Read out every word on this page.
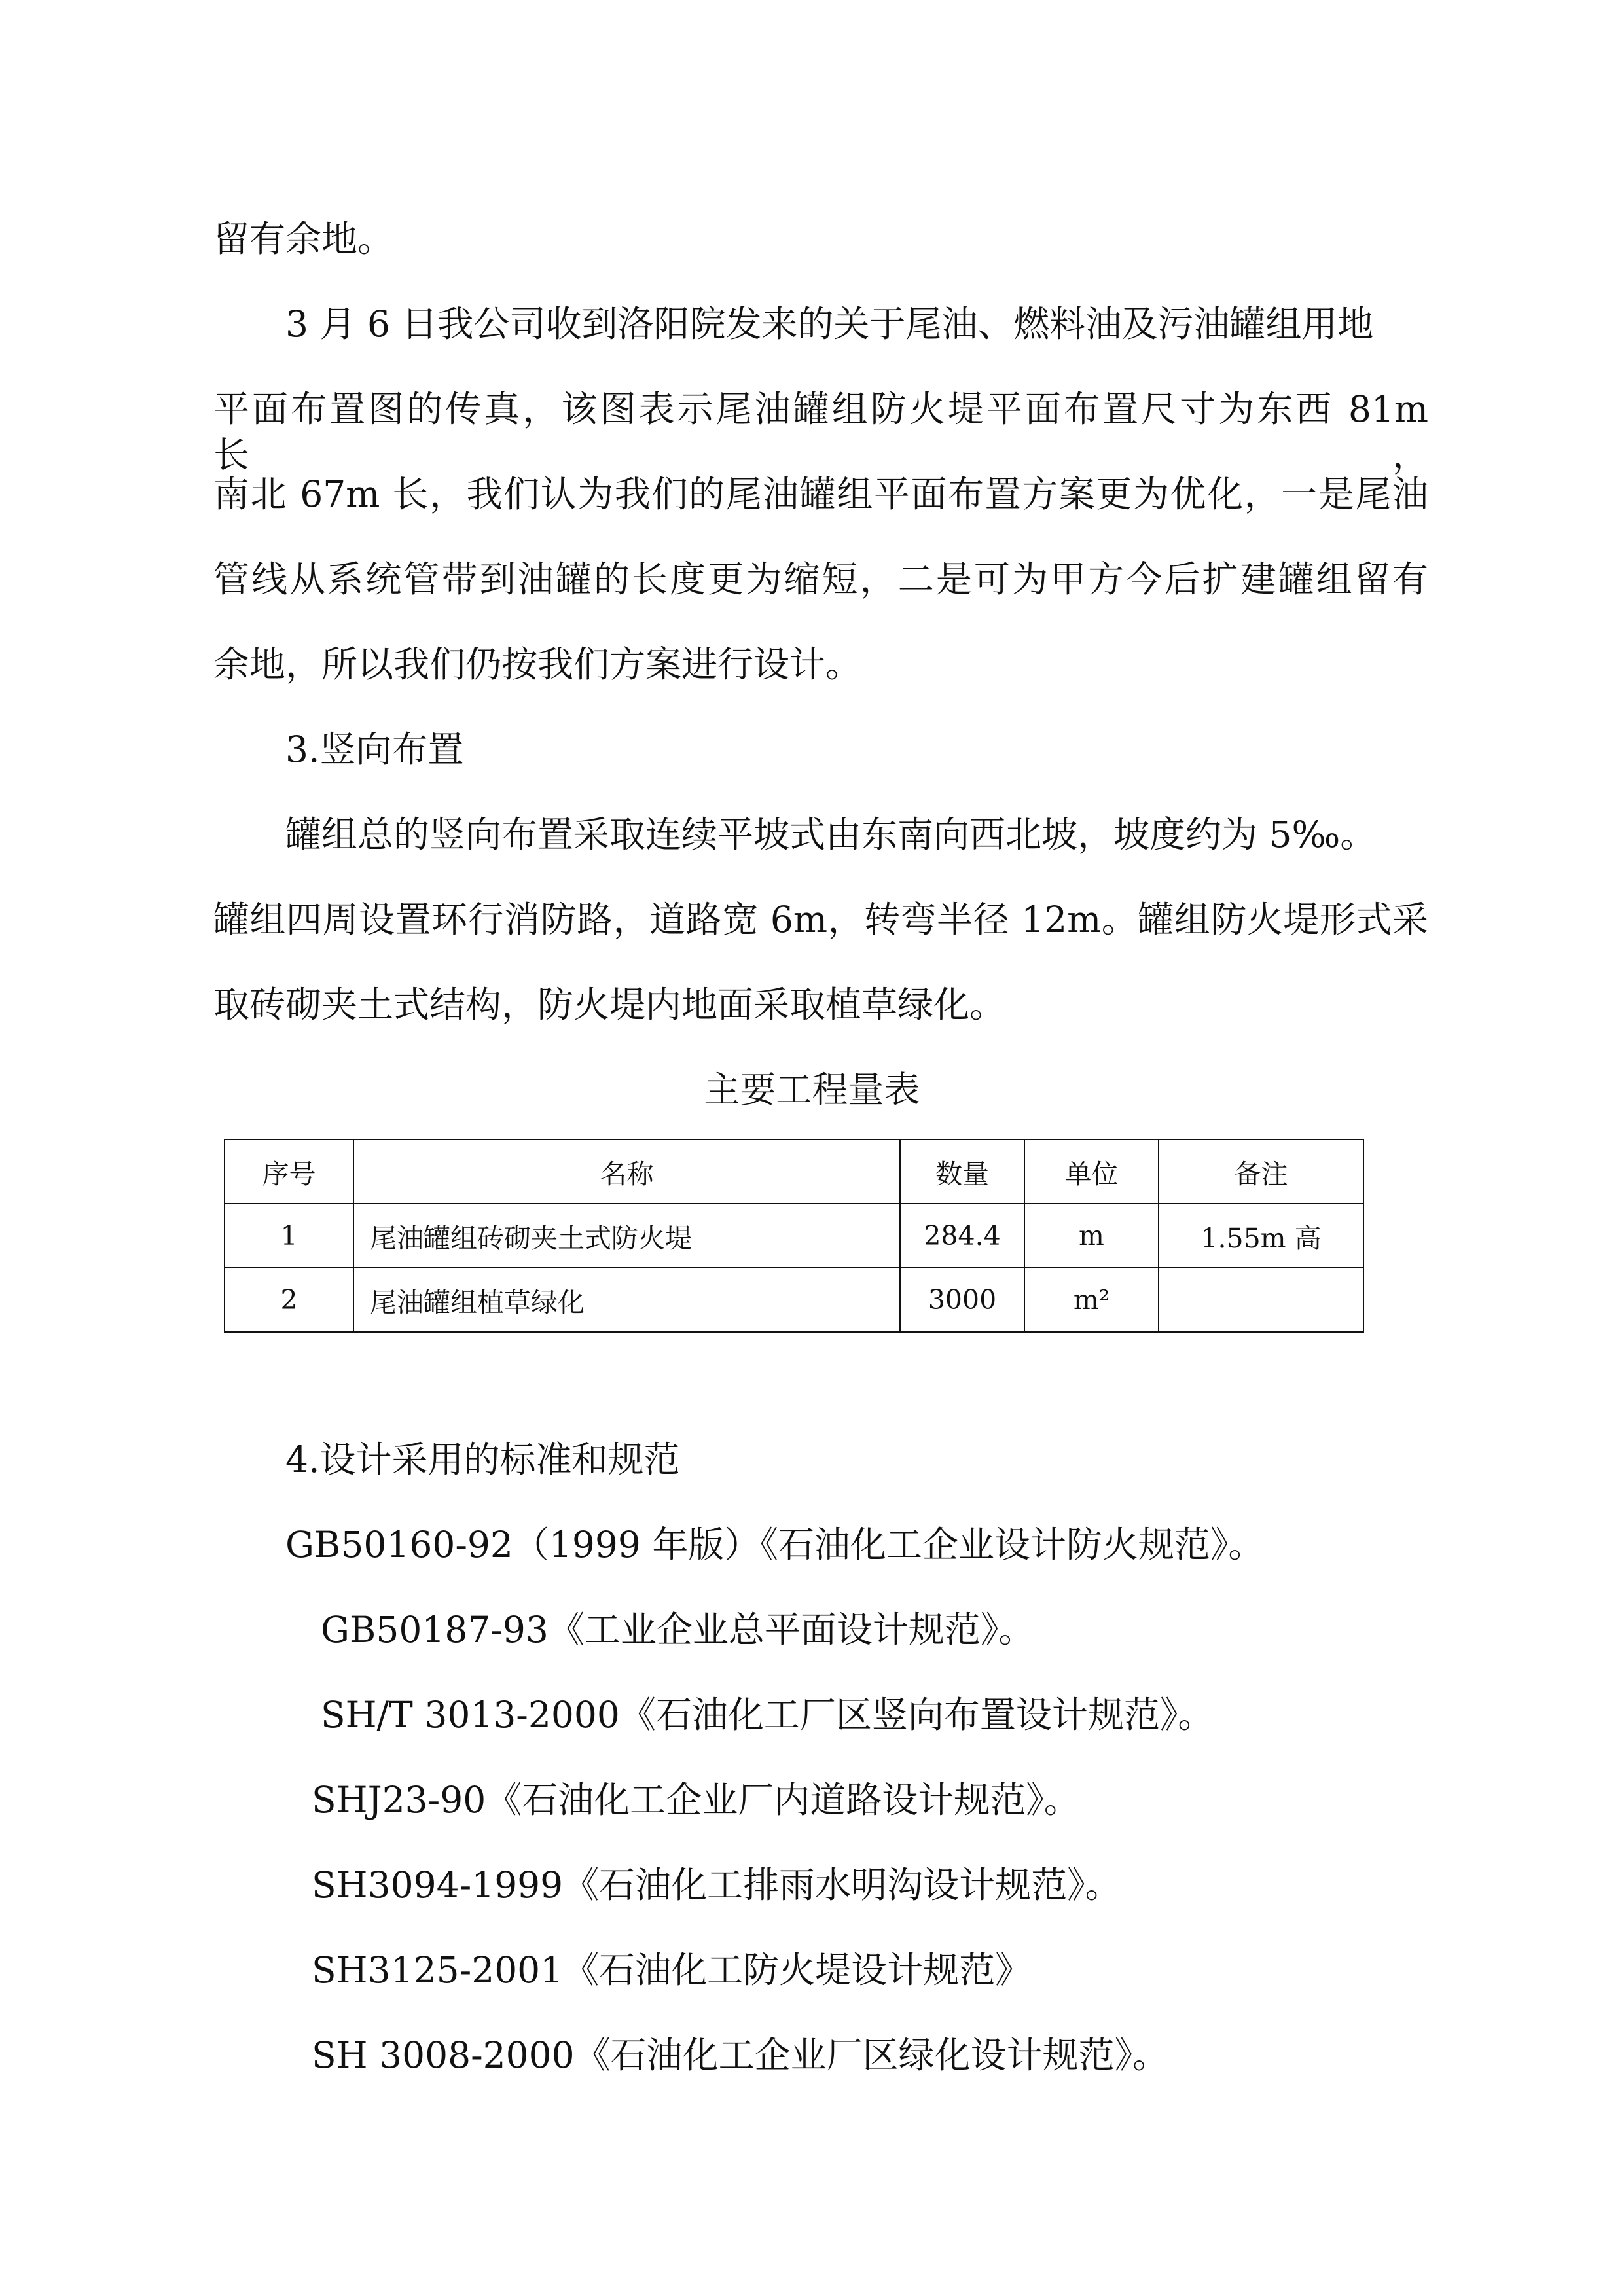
留有余地。
3 月 6 日我公司收到洛阳院发来的关于尾油、燃料油及污油罐组用地
平面布置图的传真，该图表示尾油罐组防火堤平面布置尺寸为东西 81m 长，
南北 67m 长，我们认为我们的尾油罐组平面布置方案更为优化，一是尾油
管线从系统管带到油罐的长度更为缩短，二是可为甲方今后扩建罐组留有
余地，所以我们仍按我们方案进行设计。
3.竖向布置
罐组总的竖向布置采取连续平坡式由东南向西北坡，坡度约为 5‰。
罐组四周设置环行消防路，道路宽 6m，转弯半径 12m。罐组防火堤形式采
取砖砌夹土式结构，防火堤内地面采取植草绿化。
主要工程量表
序号	名称	数量	单位	备注
1	尾油罐组砖砌夹土式防火堤	284.4	m	1.55m 高
2	尾油罐组植草绿化	3000	m²	
4.设计采用的标准和规范
GB50160-92（1999 年版）《石油化工企业设计防火规范》。
GB50187-93《工业企业总平面设计规范》。
SH/T 3013-2000《石油化工厂区竖向布置设计规范》。
SHJ23-90《石油化工企业厂内道路设计规范》。
SH3094-1999《石油化工排雨水明沟设计规范》。
SH3125-2001《石油化工防火堤设计规范》
SH 3008-2000《石油化工企业厂区绿化设计规范》。
